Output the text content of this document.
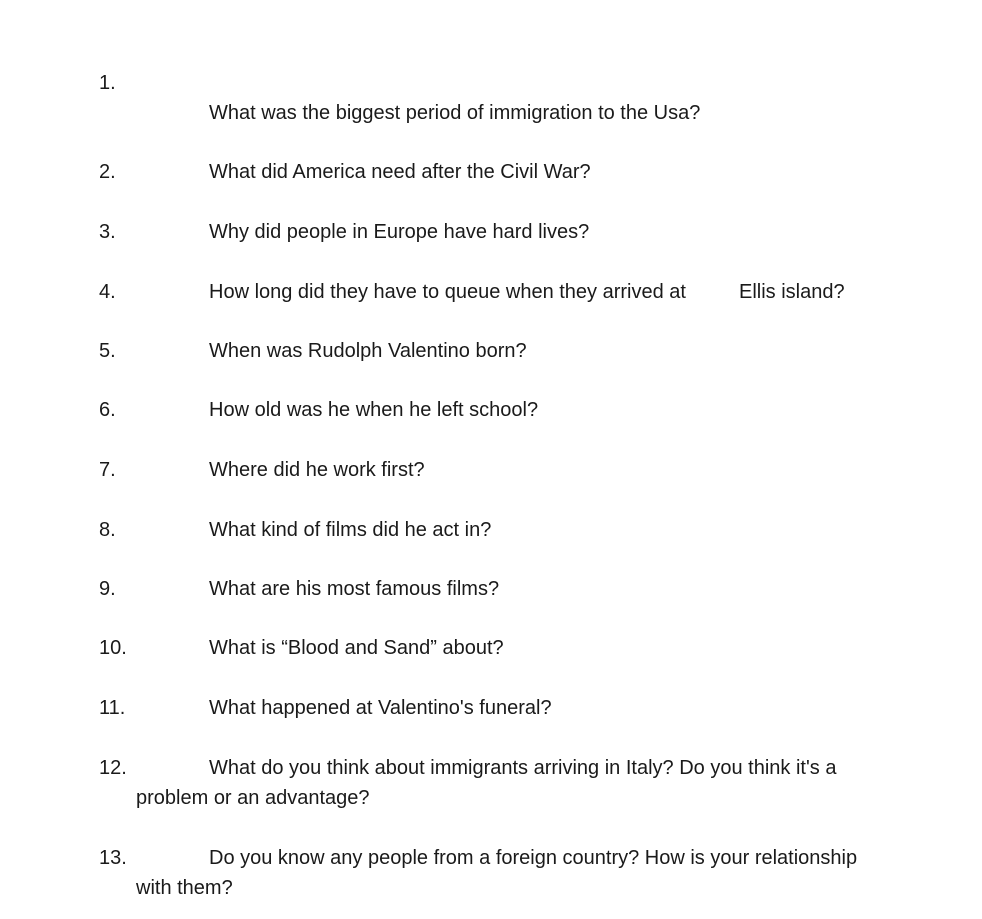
1.
What was the biggest period of immigration to the Usa?
2.	What did America need after the Civil War?
3.	Why did people in Europe have hard lives?
4.	How long did they have to queue when they arrived at	Ellis island?
5.	When was Rudolph Valentino born?
6.	How old was he when he left school?
7.	Where did he work first?
8.	What kind of films did he act in?
9.	What are his most famous films?
10.	What is “Blood and Sand” about?
11.	What happened at Valentino's funeral?
12.	What do you think about immigrants arriving in Italy? Do you think it's a
problem or an advantage?
13.	Do you know any people from a foreign country? How is your relationship
with them?
